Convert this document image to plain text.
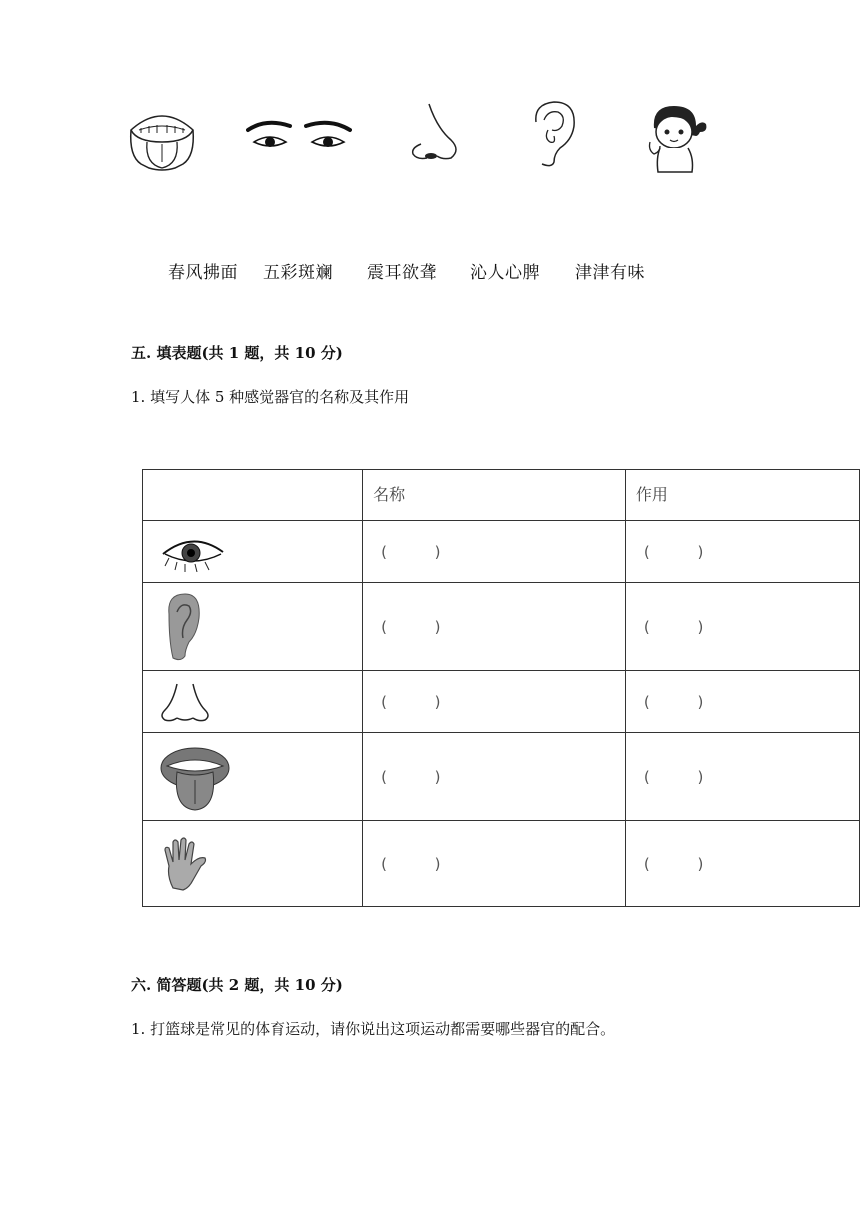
春风拂面 五彩斑斓 震耳欲聋 沁人心脾 津津有味
五. 填表题(共 1 题，共 10 分)
1. 填写人体 5 种感觉器官的名称及其作用
	名称	作用

	(          )	(          )

	(          )	(          )

	(          )	(          )

	(          )	(          )

	(          )	(          )
六. 简答题(共 2 题，共 10 分)
1. 打篮球是常见的体育运动，请你说出这项运动都需要哪些器官的配合。
